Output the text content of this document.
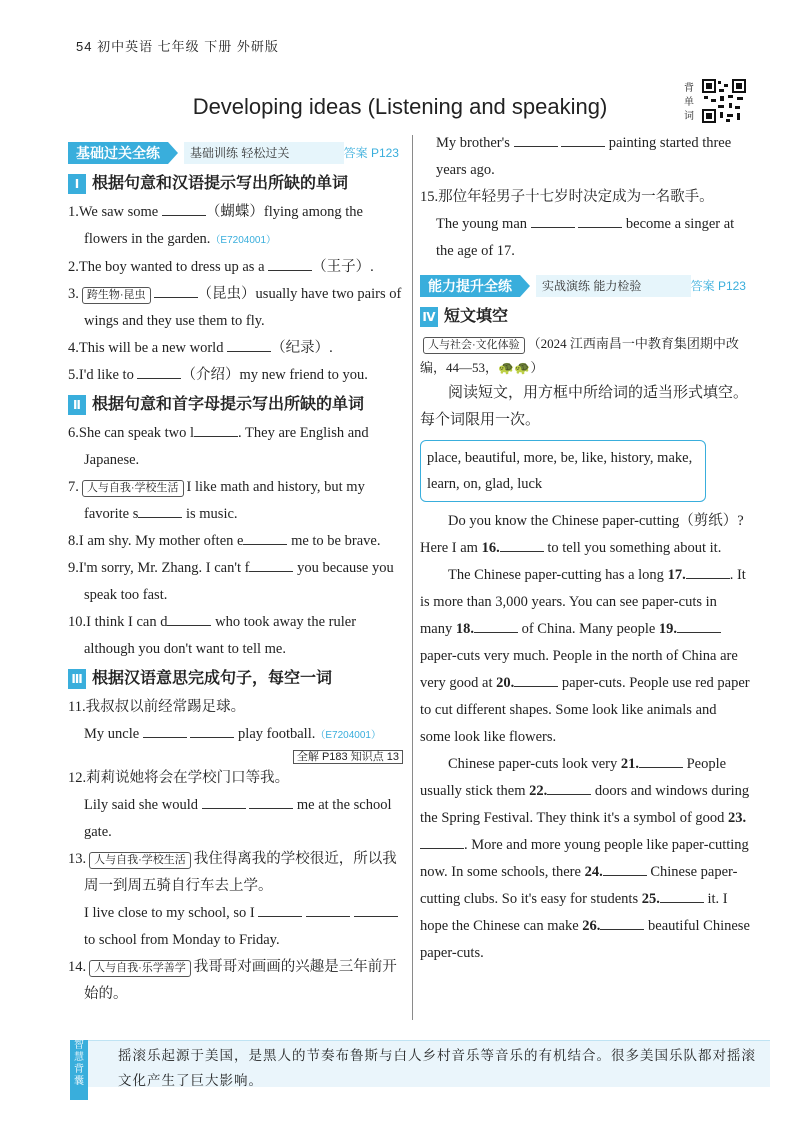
54 初中英语 七年级 下册 外研版
Developing ideas (Listening and speaking)
背单词
基础过关全练	基础训练 轻松过关	答案 P123
Ⅰ 根据句意和汉语提示写出所缺的单词
1.We saw some	（蝴蝶）flying among the flowers in the garden.（E7204001）
2.The boy wanted to dress up as a	（王子）.
3. 跨生物·昆虫	（昆虫）usually have two pairs of wings and they use them to fly.
4.This will be a new world	（纪录）.
5.I'd like to	（介绍）my new friend to you.
Ⅱ 根据句意和首字母提示写出所缺的单词
6.She can speak two l	. They are English and Japanese.
7. 人与自我·学校生活 I like math and history, but my favorite s	is music.
8.I am shy. My mother often e	me to be brave.
9.I'm sorry, Mr. Zhang. I can't f	you because you speak too fast.
10.I think I can d	who took away the ruler although you don't want to tell me.
Ⅲ 根据汉语意思完成句子，每空一词
11.我叔叔以前经常踢足球。
My uncle	play football.（E7204001）
全解 P183 知识点 13
12.莉莉说她将会在学校门口等我。
Lily said she would	me at the school gate.
13. 人与自我·学校生活 我住得离我的学校很近，所以我周一到周五骑自行车去上学。
I live close to my school, so I    to school from Monday to Friday.
14. 人与自我·乐学善学 我哥哥对画画的兴趣是三年前开始的。
My brother's	painting started three years ago.
15.那位年轻男子十七岁时决定成为一名歌手。
The young man	become a singer at the age of 17.
能力提升全练	实战演练 能力检验	答案 P123
Ⅳ 短文填空
人与社会·文化体验 （2024 江西南昌一中教育集团期中改编，44—53，🐢🐢）
阅读短文，用方框中所给词的适当形式填空。每个词限用一次。
place, beautiful, more, be, like, history, make, learn, on, glad, luck
Do you know the Chinese paper-cutting（剪纸）? Here I am 16.	to tell you something about it.
The Chinese paper-cutting has a long 17.	. It is more than 3,000 years. You can see paper-cuts in many 18.	of China. Many people 19. paper-cuts very much. People in the north of China are very good at 20.	paper-cuts. People use red paper to cut different shapes. Some look like animals and some look like flowers.
Chinese paper-cuts look very 21.	People usually stick them 22.	doors and windows during the Spring Festival. They think it's a symbol of good 23.. More and more young people like paper-cutting now. In some schools, there 24.	Chinese paper-cutting clubs. So it's easy for students 25.	it. I hope the Chinese can make 26.	beautiful Chinese paper-cuts.
智慧背囊
摇滚乐起源于美国，是黑人的节奏布鲁斯与白人乡村音乐等音乐的有机结合。很多美国乐队都对摇滚文化产生了巨大影响。
